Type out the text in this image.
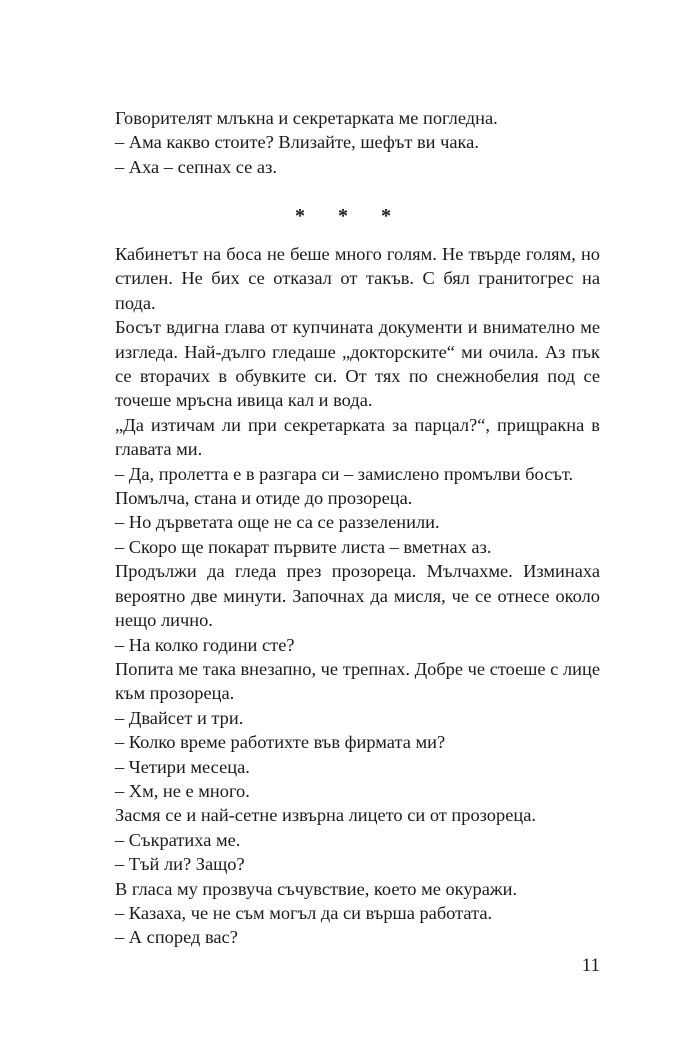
Говорителят млъкна и секретарката ме погледна.

– Ама какво стоите? Влизайте, шефът ви чака.

– Аха – сепнах се аз.

* * *

Кабинетът на боса не беше много голям. Не твърде голям, но стилен. Не бих се отказал от такъв. С бял гранитогрес на пода.

Босът вдигна глава от купчината документи и внимателно ме изгледа. Най-дълго гледаше „докторските“ ми очила. Аз пък се вторачих в обувките си. От тях по снежнобелия под се точеше мръсна ивица кал и вода.

„Да изтичам ли при секретарката за парцал?“, прищракна в главата ми.

– Да, пролетта е в разгара си – замислено промълви босът.

Помълча, стана и отиде до прозореца.

– Но дърветата още не са се раззеленили.

– Скоро ще покарат първите листа – вметнах аз.

Продължи да гледа през прозореца. Мълчахме. Изминаха вероятно две минути. Започнах да мисля, че се отнесе около нещо лично.

– На колко години сте?

Попита ме така внезапно, че трепнах. Добре че стоеше с лице към прозореца.

– Двайсет и три.

– Колко време работихте във фирмата ми?

– Четири месеца.

– Хм, не е много.

Засмя се и най-сетне извърна лицето си от прозореца.

– Съкратиха ме.

– Тъй ли? Защо?

В гласа му прозвуча съчувствие, което ме окуражи.

– Казаха, че не съм могъл да си върша работата.

– А според вас?

11
